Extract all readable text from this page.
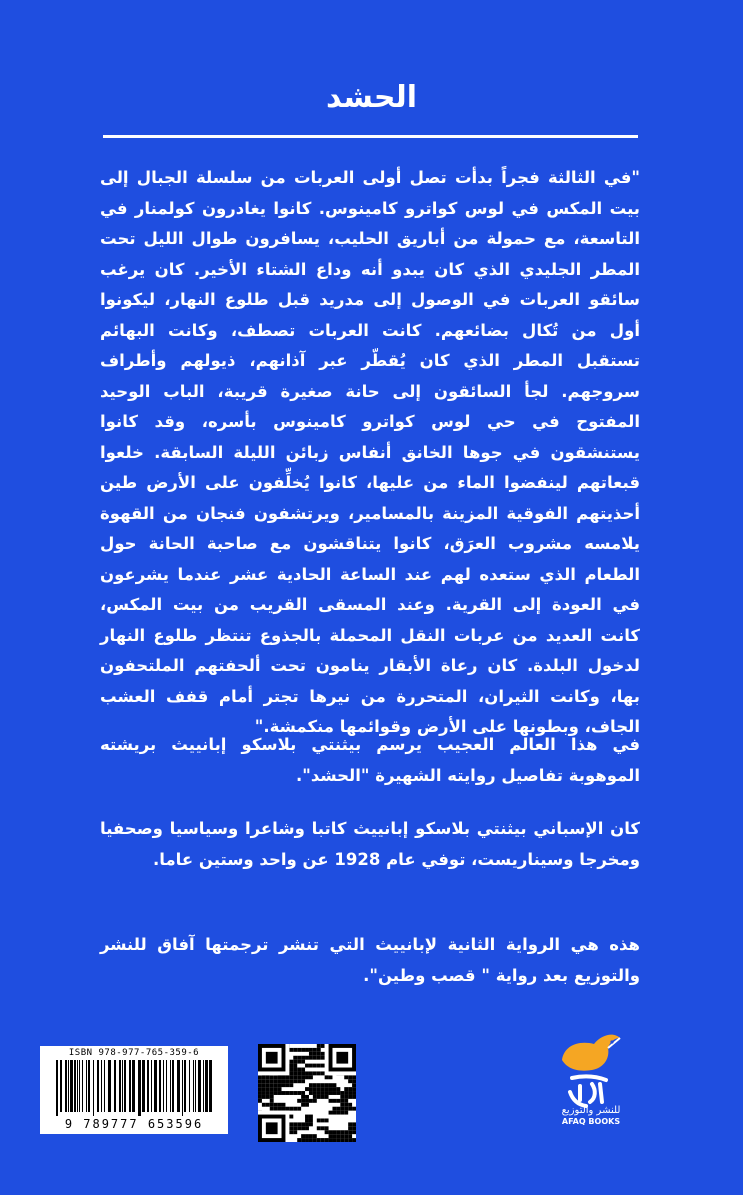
الحشد

"في الثالثة فجراً بدأت تصل أولى العربات من سلسلة الجبال إلى بيت المكس في لوس كواترو كامينوس. كانوا يغادرون كولمنار في التاسعة، مع حمولة من أباريق الحليب، يسافرون طوال الليل تحت المطر الجليدي الذي كان يبدو أنه وداع الشتاء الأخير. كان يرغب سائقو العربات في الوصول إلى مدريد قبل طلوع النهار، ليكونوا أول من تُكال بضائعهم. كانت العربات تصطف، وكانت البهائم تستقبل المطر الذي كان يُقطّر عبر آذانهم، ذيولهم وأطراف سروجهم. لجأ السائقون إلى حانة صغيرة قريبة، الباب الوحيد المفتوح في حي لوس كواترو كامينوس بأسره، وقد كانوا يستنشقون في جوها الخانق أنفاس زبائن الليلة السابقة. خلعوا قبعاتهم لينفضوا الماء من عليها، كانوا يُخلِّفون على الأرض طين أحذيتهم الفوقية المزينة بالمسامير، ويرتشفون فنجان من القهوة يلامسه مشروب العرَق، كانوا يتناقشون مع صاحبة الحانة حول الطعام الذي ستعده لهم عند الساعة الحادية عشر عندما يشرعون في العودة إلى القرية. وعند المسقى القريب من بيت المكس، كانت العديد من عربات النقل المحملة بالجذوع تنتظر طلوع النهار لدخول البلدة. كان رعاة الأبقار ينامون تحت ألحفتهم الملتحفون بها، وكانت الثيران، المتحررة من نيرها تجتر أمام قفف العشب الجاف، وبطونها على الأرض وقوائمها منكمشة."

في هذا العالم العجيب يرسم بيثنتي بلاسكو إبانييث بريشته الموهوبة تفاصيل روايته الشهيرة "الحشد".

كان الإسباني بيثنتي بلاسكو إبانييث كاتبا وشاعرا وسياسيا وصحفيا ومخرجا وسيناريست، توفي عام 1928 عن واحد وستين عاما.

هذه هي الرواية الثانية لإبانييث التي تنشر ترجمتها آفاق للنشر والتوزيع بعد رواية " قصب وطين".

ISBN 978-977-765-359-6
9 789777 653596
للنشر والتوزيع
AFAQ BOOKS
